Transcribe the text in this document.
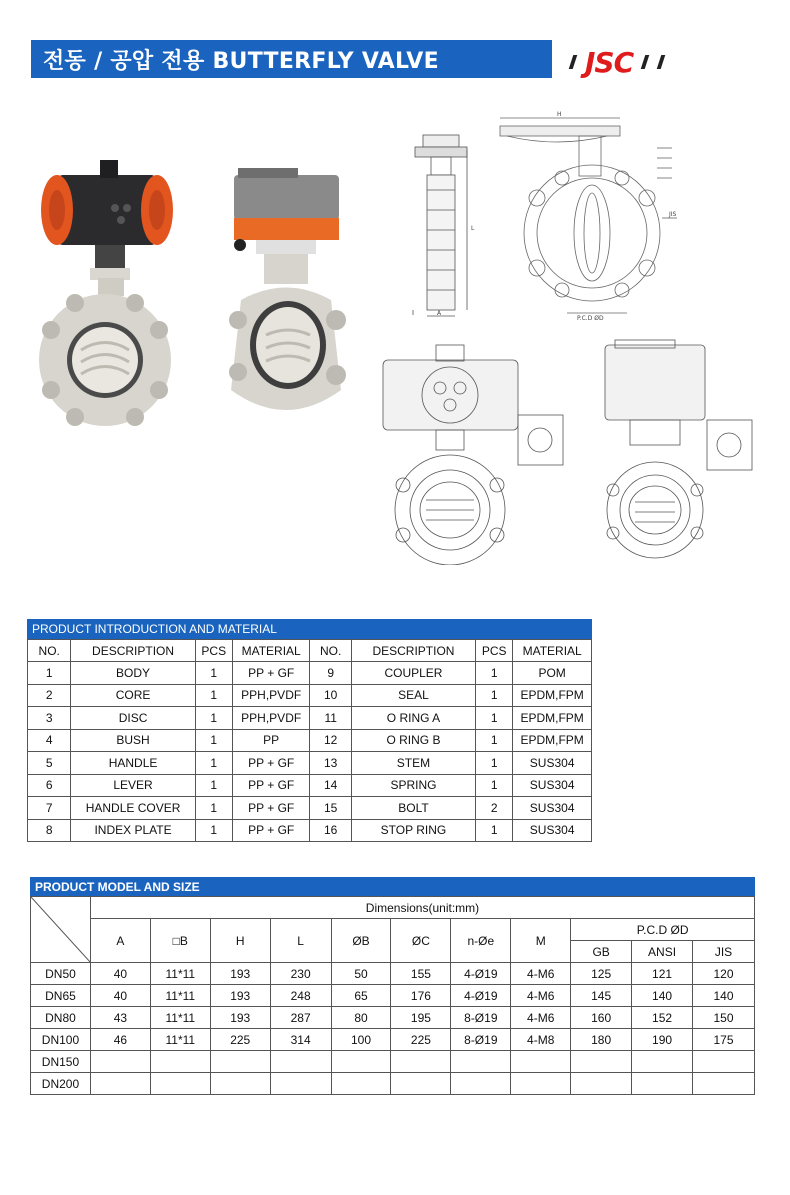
전동 / 공압 전용 BUTTERFLY VALVE	JSC
A
L
H
P.C.D ØD
JIS
PRODUCT INTRODUCTION AND MATERIAL
NO.	DESCRIPTION	PCS	MATERIAL	NO.	DESCRIPTION	PCS	MATERIAL
1	BODY	1	PP + GF	9	COUPLER	1	POM
2	CORE	1	PPH,PVDF	10	SEAL	1	EPDM,FPM
3	DISC	1	PPH,PVDF	11	O RING A	1	EPDM,FPM
4	BUSH	1	PP	12	O RING B	1	EPDM,FPM
5	HANDLE	1	PP + GF	13	STEM	1	SUS304
6	LEVER	1	PP + GF	14	SPRING	1	SUS304
7	HANDLE COVER	1	PP + GF	15	BOLT	2	SUS304
8	INDEX PLATE	1	PP + GF	16	STOP RING	1	SUS304
PRODUCT MODEL AND SIZE
	Dimensions(unit:mm)										
	A	□B	H	L	ØB	ØC	n-Øe	M	P.C.D ØD		
									GB	ANSI	JIS
DN50	40	11*11	193	230	50	155	4-Ø19	4-M6	125	121	120
DN65	40	11*11	193	248	65	176	4-Ø19	4-M6	145	140	140
DN80	43	11*11	193	287	80	195	8-Ø19	4-M6	160	152	150
DN100	46	11*11	225	314	100	225	8-Ø19	4-M8	180	190	175
DN150											
DN200											
